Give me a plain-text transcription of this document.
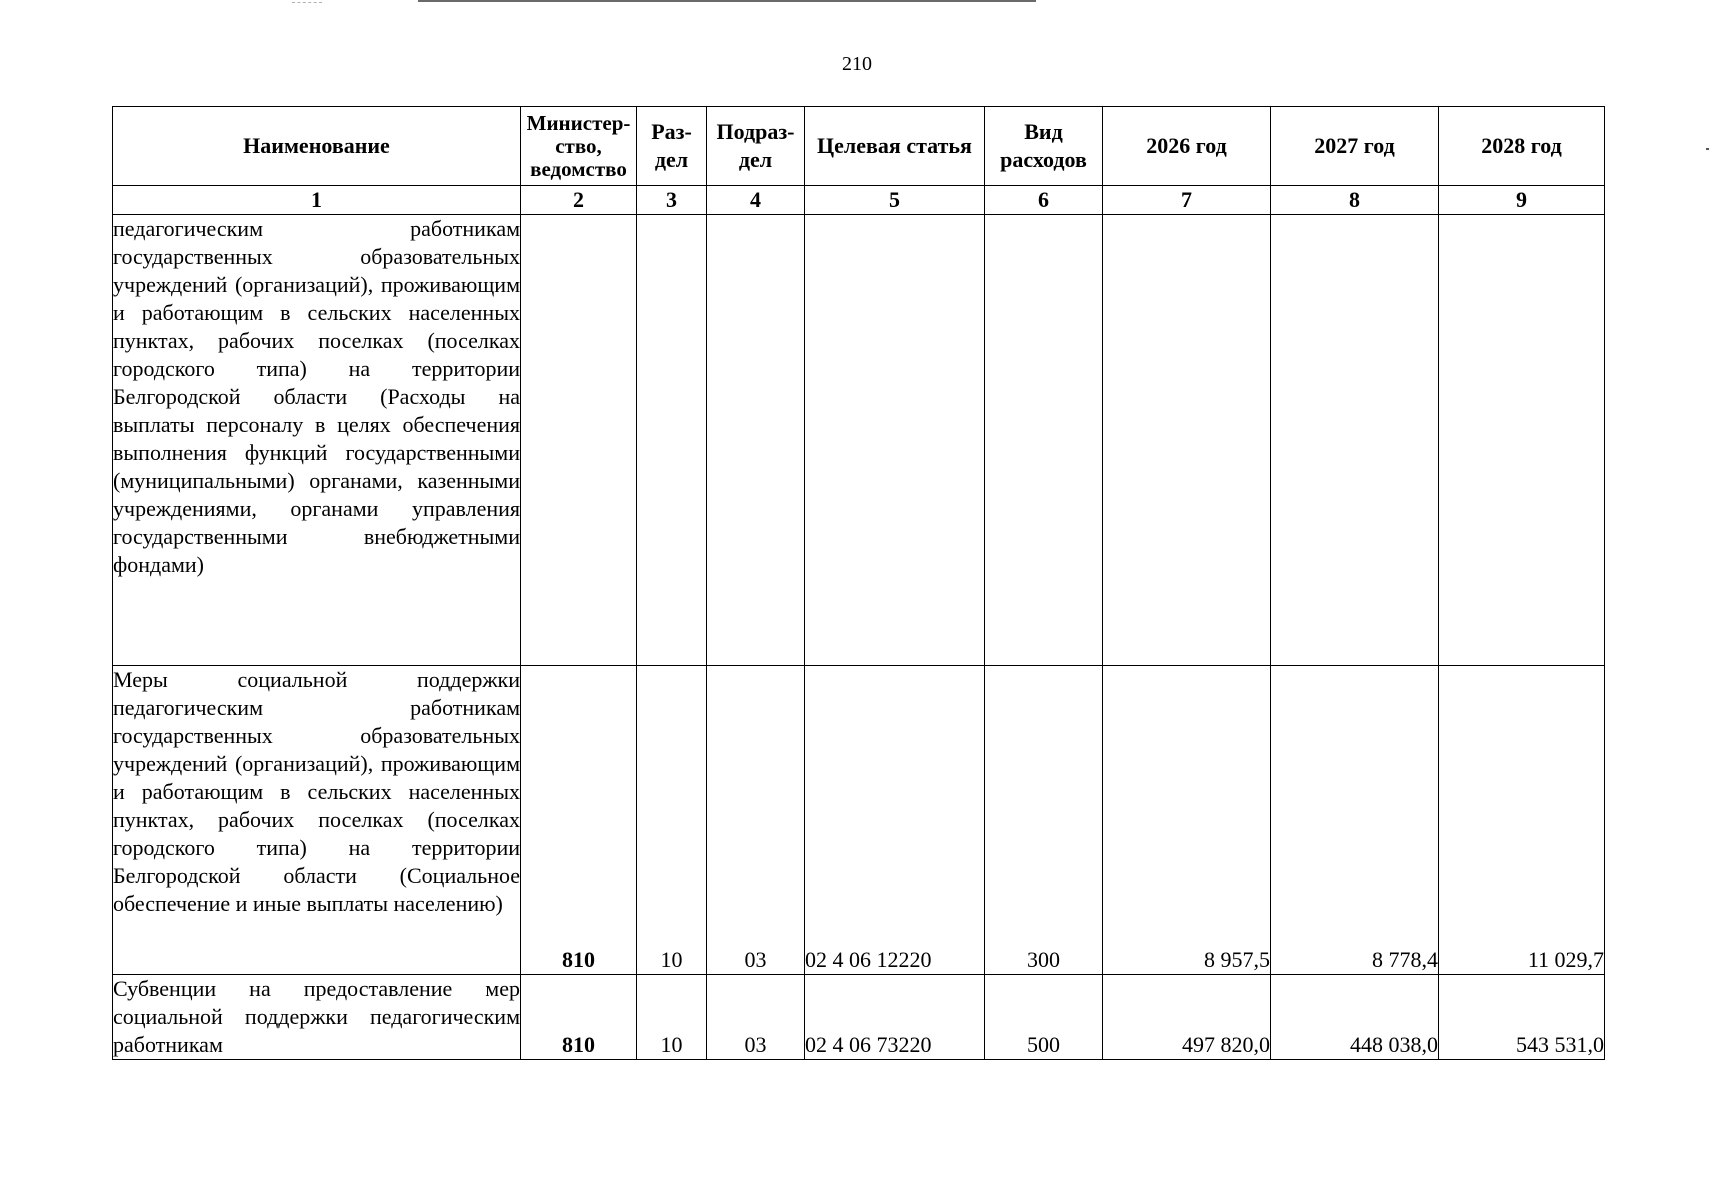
210
Наименование	Министер-ство, ведомство	Раз-дел	Подраз-дел	Целевая статья	Вид расходов	2026 год	2027 год	2028 год
1	2	3	4	5	6	7	8	9
педагогическим работникам государственных образовательных учреждений (организаций), проживающим и работающим в сельских населенных пунктах, рабочих поселках (поселках городского типа) на территории Белгородской области (Расходы на выплаты персоналу в целях обеспечения выполнения функций государственными (муниципальными) органами, казенными учреждениями, органами управления государственными внебюджетными фондами)								
Меры социальной поддержки педагогическим работникам государственных образовательных учреждений (организаций), проживающим и работающим в сельских населенных пунктах, рабочих поселках (поселках городского типа) на территории Белгородской области (Социальное обеспечение и иные выплаты населению)	810	10	03	02 4 06 12220	300	8 957,5	8 778,4	11 029,7
Субвенции на предоставление мер социальной поддержки педагогическим работникам	810	10	03	02 4 06 73220	500	497 820,0	448 038,0	543 531,0
